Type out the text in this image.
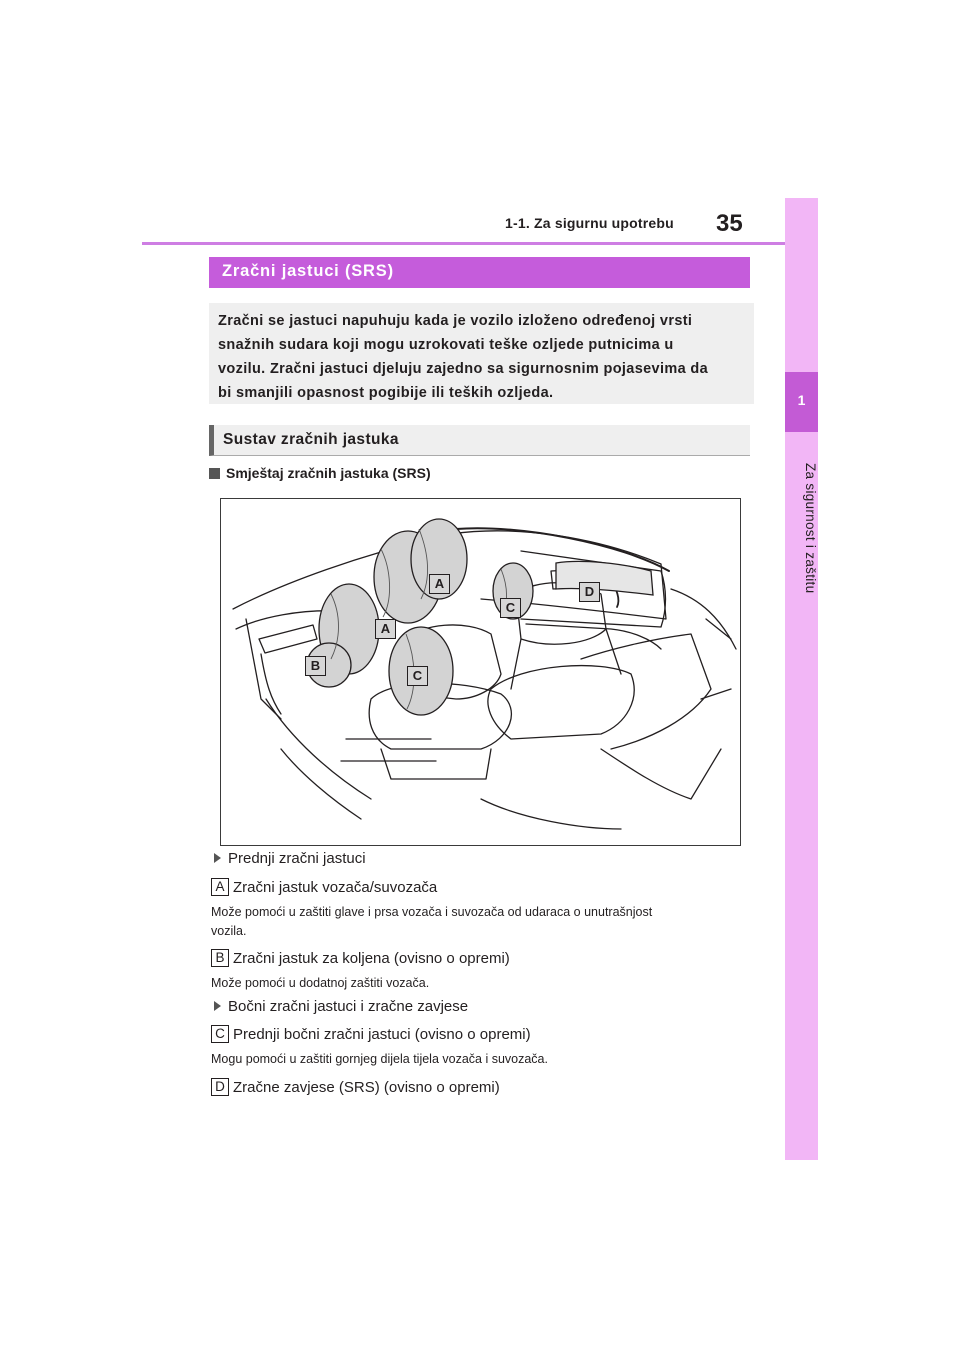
1-1. Za sigurnu upotrebu 35
1
Za sigurnost i zaštitu
Zračni jastuci (SRS)
Zračni se jastuci napuhuju kada je vozilo izloženo određenoj vrsti
snažnih sudara koji mogu uzrokovati teške ozljede putnicima u
vozilu. Zračni jastuci djeluju zajedno sa sigurnosnim pojasevima da
bi smanjili opasnost pogibije ili teških ozljeda.
Sustav zračnih jastuka
Smještaj zračnih jastuka (SRS)
A
A
B
C
C
D
Prednji zračni jastuci
A Zračni jastuk vozača/suvozača
Može pomoći u zaštiti glave i prsa vozača i suvozača od udaraca o unutrašnjost
vozila.
B Zračni jastuk za koljena (ovisno o opremi)
Može pomoći u dodatnoj zaštiti vozača.
Bočni zračni jastuci i zračne zavjese
C Prednji bočni zračni jastuci (ovisno o opremi)
Mogu pomoći u zaštiti gornjeg dijela tijela vozača i suvozača.
D Zračne zavjese (SRS) (ovisno o opremi)
